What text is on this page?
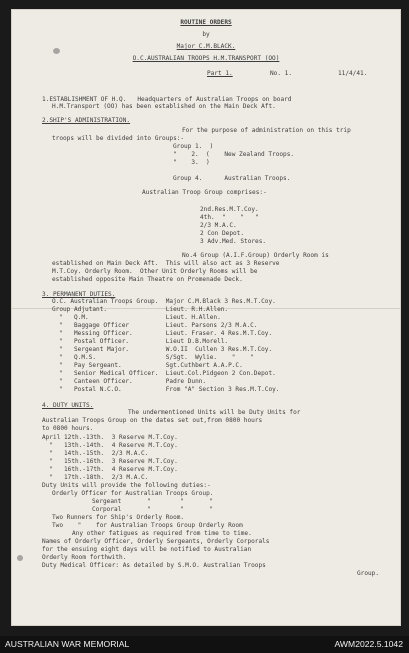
ROUTINE ORDERS
by
Major C.M.BLACK.
O.C.AUSTRALIAN TROOPS H.M.TRANSPORT (OO)
Part 1.	No. 1.	11/4/41.
1.ESTABLISHMENT OF H.Q.   Headquarters of Australian Troops on board
H.M.Transport (OO) has been established on the Main Deck Aft.
2.SHIP'S ADMINISTRATION.
For the purpose of administration on this trip
troops will be divided into Groups:-
Group 1.  )
"    2.  (    New Zealand Troops.
"    3.  )
Group 4.      Australian Troops.
Australian Troop Group comprises:-
2nd.Res.M.T.Coy.
4th.  "    "   "
2/3 M.A.C.
2 Con Depot.
3 Adv.Med. Stores.
No.4 Group (A.I.F.Group) Orderly Room is
established on Main Deck Aft.  This will also act as 3 Reserve
M.T.Coy. Orderly Room.  Other Unit Orderly Rooms will be
established opposite Main Theatre on Promenade Deck.
3. PERMANENT DUTIES.
O.C. Australian Troops Group.  Major C.M.Black 3 Res.M.T.Coy.
Group Adjutant.                Lieut. R.H.Allen.
"   Q.M.                     Lieut. H.Allen.
"   Baggage Officer          Lieut. Parsons 2/3 M.A.C.
"   Messing Officer.         Lieut. Fraser. 4 Res.M.T.Coy.
"   Postal Officer.          Lieut D.B.Morell.
"   Sergeant Major.          W.O.II  Cullen 3 Res.M.T.Coy.
"   Q.M.S.                   S/Sgt.  Wylie.    "    "
"   Pay Sergeant.            Sgt.Cuthbert A.A.P.C.
"   Senior Medical Officer.  Lieut.Col.Pidgeon 2 Con.Depot.
"   Canteen Officer.         Padre Dunn.
"   Postal N.C.O.            From "A" Section 3 Res.M.T.Coy.
4. DUTY UNITS.
The undermentioned Units will be Duty Units for
Australian Troops Group on the dates set out,from 0800 hours
to 0800 hours.
April 12th.-13th.  3 Reserve M.T.Coy.
"   13th.-14th.  4 Reserve M.T.Coy.
"   14th.-15th.  2/3 M.A.C.
"   15th.-16th.  3 Reserve M.T.Coy.
"   16th.-17th.  4 Reserve M.T.Coy.
"   17th.-18th.  2/3 M.A.C.
Duty Units will provide the following duties:-
Orderly Officer for Australian Troops Group.
Sergeant       "        "       "
Corporal       "        "       "
Two Runners for Ship's Orderly Room.
Two    "    for Australian Troops Group Orderly Room
Any other fatigues as required from time to time.
Names of Orderly Officer, Orderly Sergeants, Orderly Corporals
for the ensuing eight days will be notified to Australian
Orderly Room forthwith.
Duty Medical Officer: As detailed by S.M.O. Australian Troops
Group.
AUSTRALIAN WAR MEMORIAL	AWM2022.5.1042
